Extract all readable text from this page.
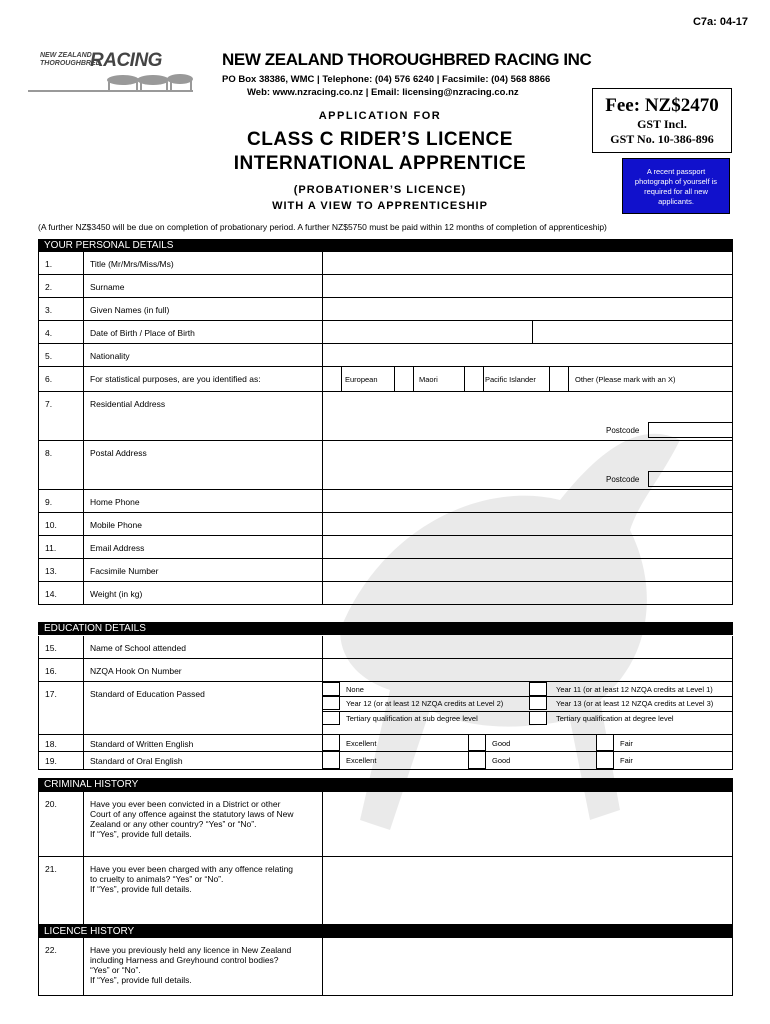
C7a: 04-17
NEW ZEALAND
THOROUGHBRED
RACING	NEW ZEALAND THOROUGHBRED RACING INC
PO Box 38386, WMC | Telephone: (04) 576 6240 | Facsimile: (04) 568 8866
Web: www.nzracing.co.nz | Email: licensing@nzracing.co.nz
APPLICATION FOR
CLASS C RIDER’S LICENCE
INTERNATIONAL APPRENTICE
(PROBATIONER’S LICENCE)
WITH A VIEW TO APPRENTICESHIP
Fee: NZ$2470
GST Incl.
GST No. 10-386-896
A recent passport photograph of yourself is required for all new applicants.
(A further NZ$3450 will be due on completion of probationary period. A further NZ$5750 must be paid within 12 months of completion of apprenticeship)
YOUR PERSONAL DETAILS
1.	Title (Mr/Mrs/Miss/Ms)
2.	Surname
3.	Given Names (in full)
4.	Date of Birth / Place of Birth
5.	Nationality
6.	For statistical purposes, are you identified as:	European	Maori	Pacific Islander	Other (Please mark with an X)
7.	Residential Address
Postcode
8.	Postal Address
Postcode
9.	Home Phone
10.	Mobile Phone
11.	Email Address
13.	Facsimile Number
14.	Weight (in kg)
EDUCATION DETAILS
15.	Name of School attended
16.	NZQA Hook On Number
17.	Standard of Education Passed	None	Year 11 (or at least 12 NZQA credits at Level 1)
Year 12 (or at least 12 NZQA credits at Level 2)	Year 13 (or at least 12 NZQA credits at Level 3)
Tertiary qualification at sub degree level	Tertiary qualification at degree level
18.	Standard of Written English	Excellent	Good	Fair
19.	Standard of Oral English	Excellent	Good	Fair
CRIMINAL HISTORY
20.	Have you ever been convicted in a District or other
Court of any offence against the statutory laws of New
Zealand or any other country? “Yes” or “No”.
If “Yes”, provide full details.
21.	Have you ever been charged with any offence relating
to cruelty to animals? “Yes” or “No”.
If “Yes”, provide full details.
LICENCE HISTORY
22.	Have you previously held any licence in New Zealand
including Harness and Greyhound control bodies?
“Yes” or “No”.
If “Yes”, provide full details.
